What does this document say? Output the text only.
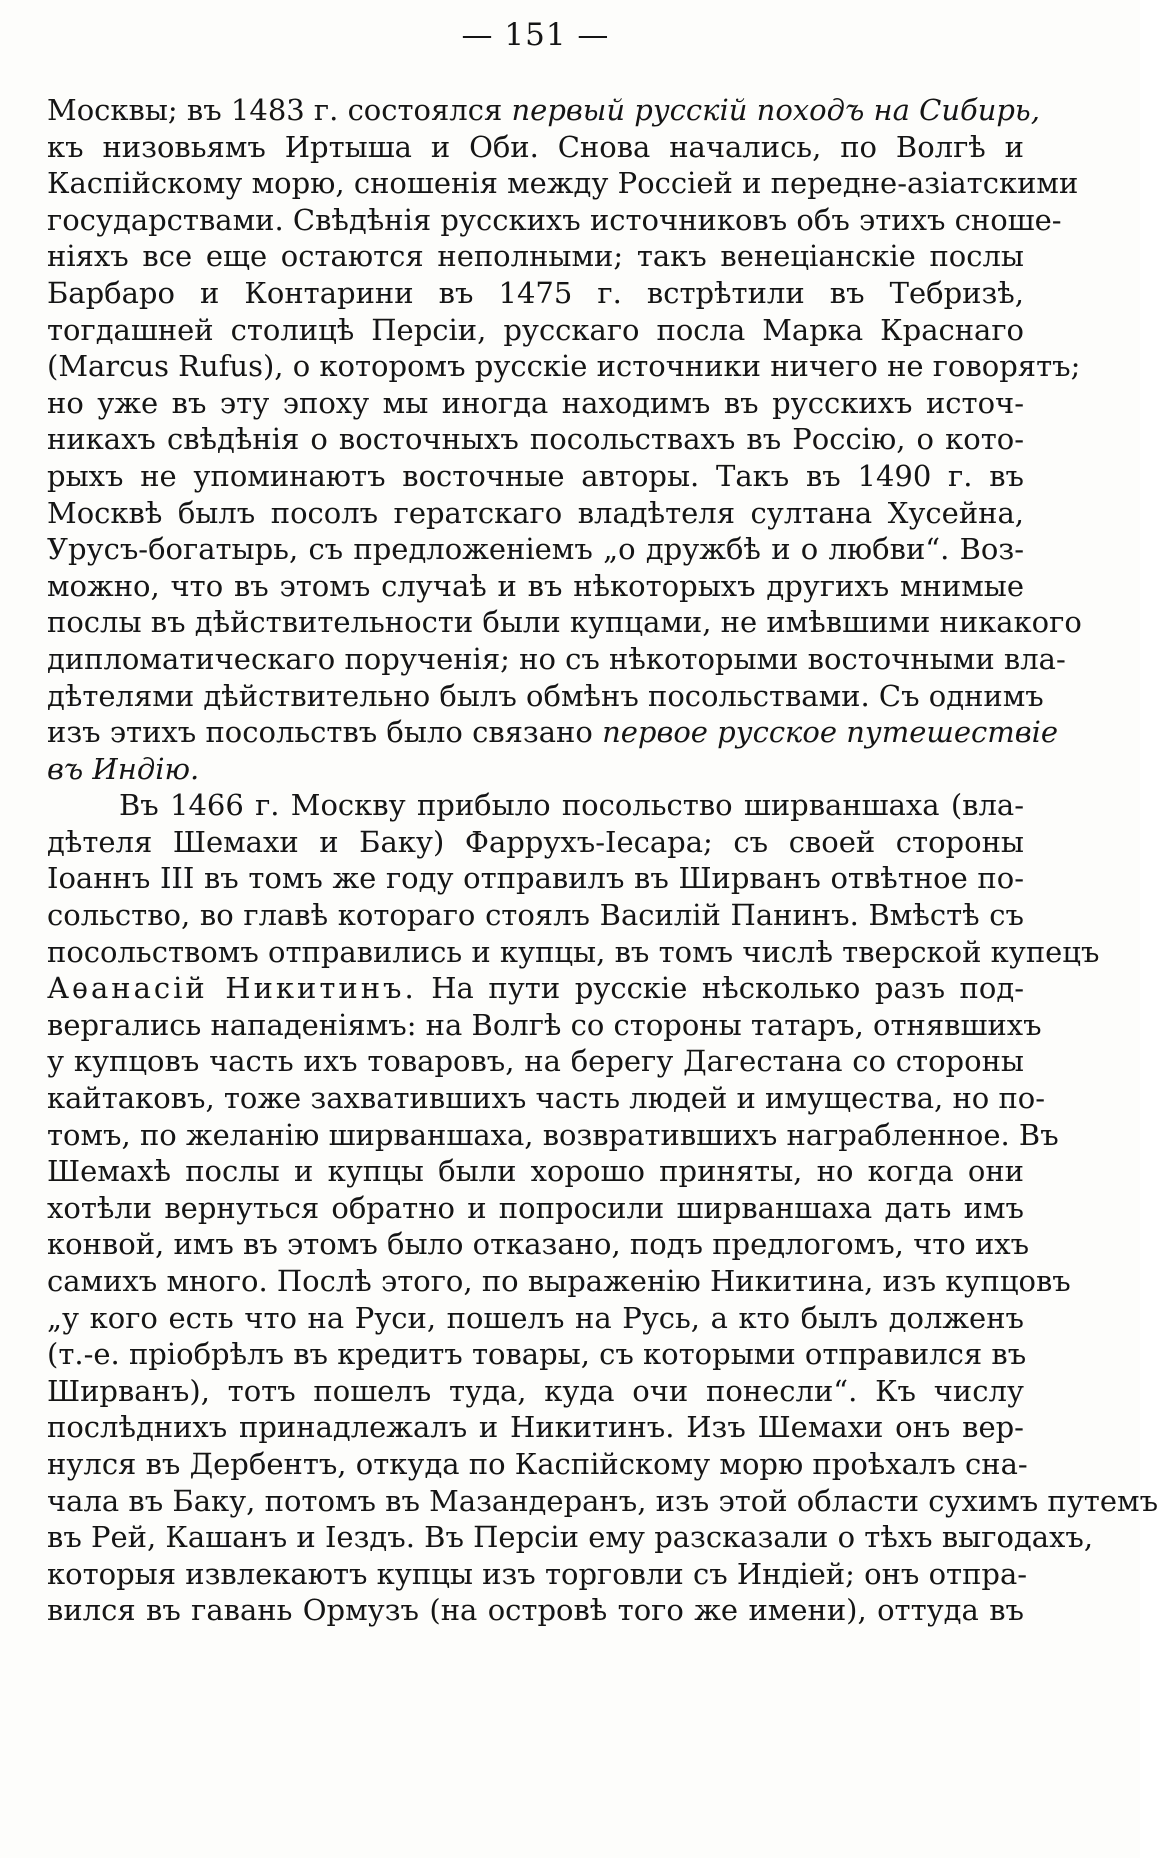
— 151 —

Москвы; въ 1483 г. состоялся первый русскій походъ на Сибирь,
къ низовьямъ Иртыша и Оби. Снова начались, по Волгѣ и
Каспійскому морю, сношенія между Россіей и передне-азіатскими
государствами. Свѣдѣнія русскихъ источниковъ объ этихъ сноше-
ніяхъ все еще остаются неполными; такъ венеціанскіе послы
Барбаро и Контарини въ 1475 г. встрѣтили въ Тебризѣ,
тогдашней столицѣ Персіи, русскаго посла Марка Краснаго
(Marcus Rufus), о которомъ русскіе источники ничего не говорятъ;
но уже въ эту эпоху мы иногда находимъ въ русскихъ источ-
никахъ свѣдѣнія о восточныхъ посольствахъ въ Россію, о кото-
рыхъ не упоминаютъ восточные авторы. Такъ въ 1490 г. въ
Москвѣ былъ посолъ гератскаго владѣтеля султана Хусейна,
Урусъ-богатырь, съ предложеніемъ „о дружбѣ и о любви“. Воз-
можно, что въ этомъ случаѣ и въ нѣкоторыхъ другихъ мнимые
послы въ дѣйствительности были купцами, не имѣвшими никакого
дипломатическаго порученія; но съ нѣкоторыми восточными вла-
дѣтелями дѣйствительно былъ обмѣнъ посольствами. Съ однимъ
изъ этихъ посольствъ было связано первое русское путешествіе
въ Индію.

Въ 1466 г. Москву прибыло посольство ширваншаха (вла-
дѣтеля Шемахи и Баку) Фаррухъ-Іесара; съ своей стороны
Іоаннъ III въ томъ же году отправилъ въ Ширванъ отвѣтное по-
сольство, во главѣ котораго стоялъ Василій Панинъ. Вмѣстѣ съ
посольствомъ отправились и купцы, въ томъ числѣ тверской купецъ
Аѳанасій Никитинъ. На пути русскіе нѣсколько разъ под-
вергались нападеніямъ: на Волгѣ со стороны татаръ, отнявшихъ
у купцовъ часть ихъ товаровъ, на берегу Дагестана со стороны
кайтаковъ, тоже захватившихъ часть людей и имущества, но по-
томъ, по желанію ширваншаха, возвратившихъ награбленное. Въ
Шемахѣ послы и купцы были хорошо приняты, но когда они
хотѣли вернуться обратно и попросили ширваншаха дать имъ
конвой, имъ въ этомъ было отказано, подъ предлогомъ, что ихъ
самихъ много. Послѣ этого, по выраженію Никитина, изъ купцовъ
„у кого есть что на Руси, пошелъ на Русь, а кто былъ долженъ
(т.-е. пріобрѣлъ въ кредитъ товары, съ которыми отправился въ
Ширванъ), тотъ пошелъ туда, куда очи понесли“. Къ числу
послѣднихъ принадлежалъ и Никитинъ. Изъ Шемахи онъ вер-
нулся въ Дербентъ, откуда по Каспійскому морю проѣхалъ сна-
чала въ Баку, потомъ въ Мазандеранъ, изъ этой области сухимъ путемъ
въ Рей, Кашанъ и Іездъ. Въ Персіи ему разсказали о тѣхъ выгодахъ,
которыя извлекаютъ купцы изъ торговли съ Индіей; онъ отпра-
вился въ гавань Ормузъ (на островѣ того же имени), оттуда въ
